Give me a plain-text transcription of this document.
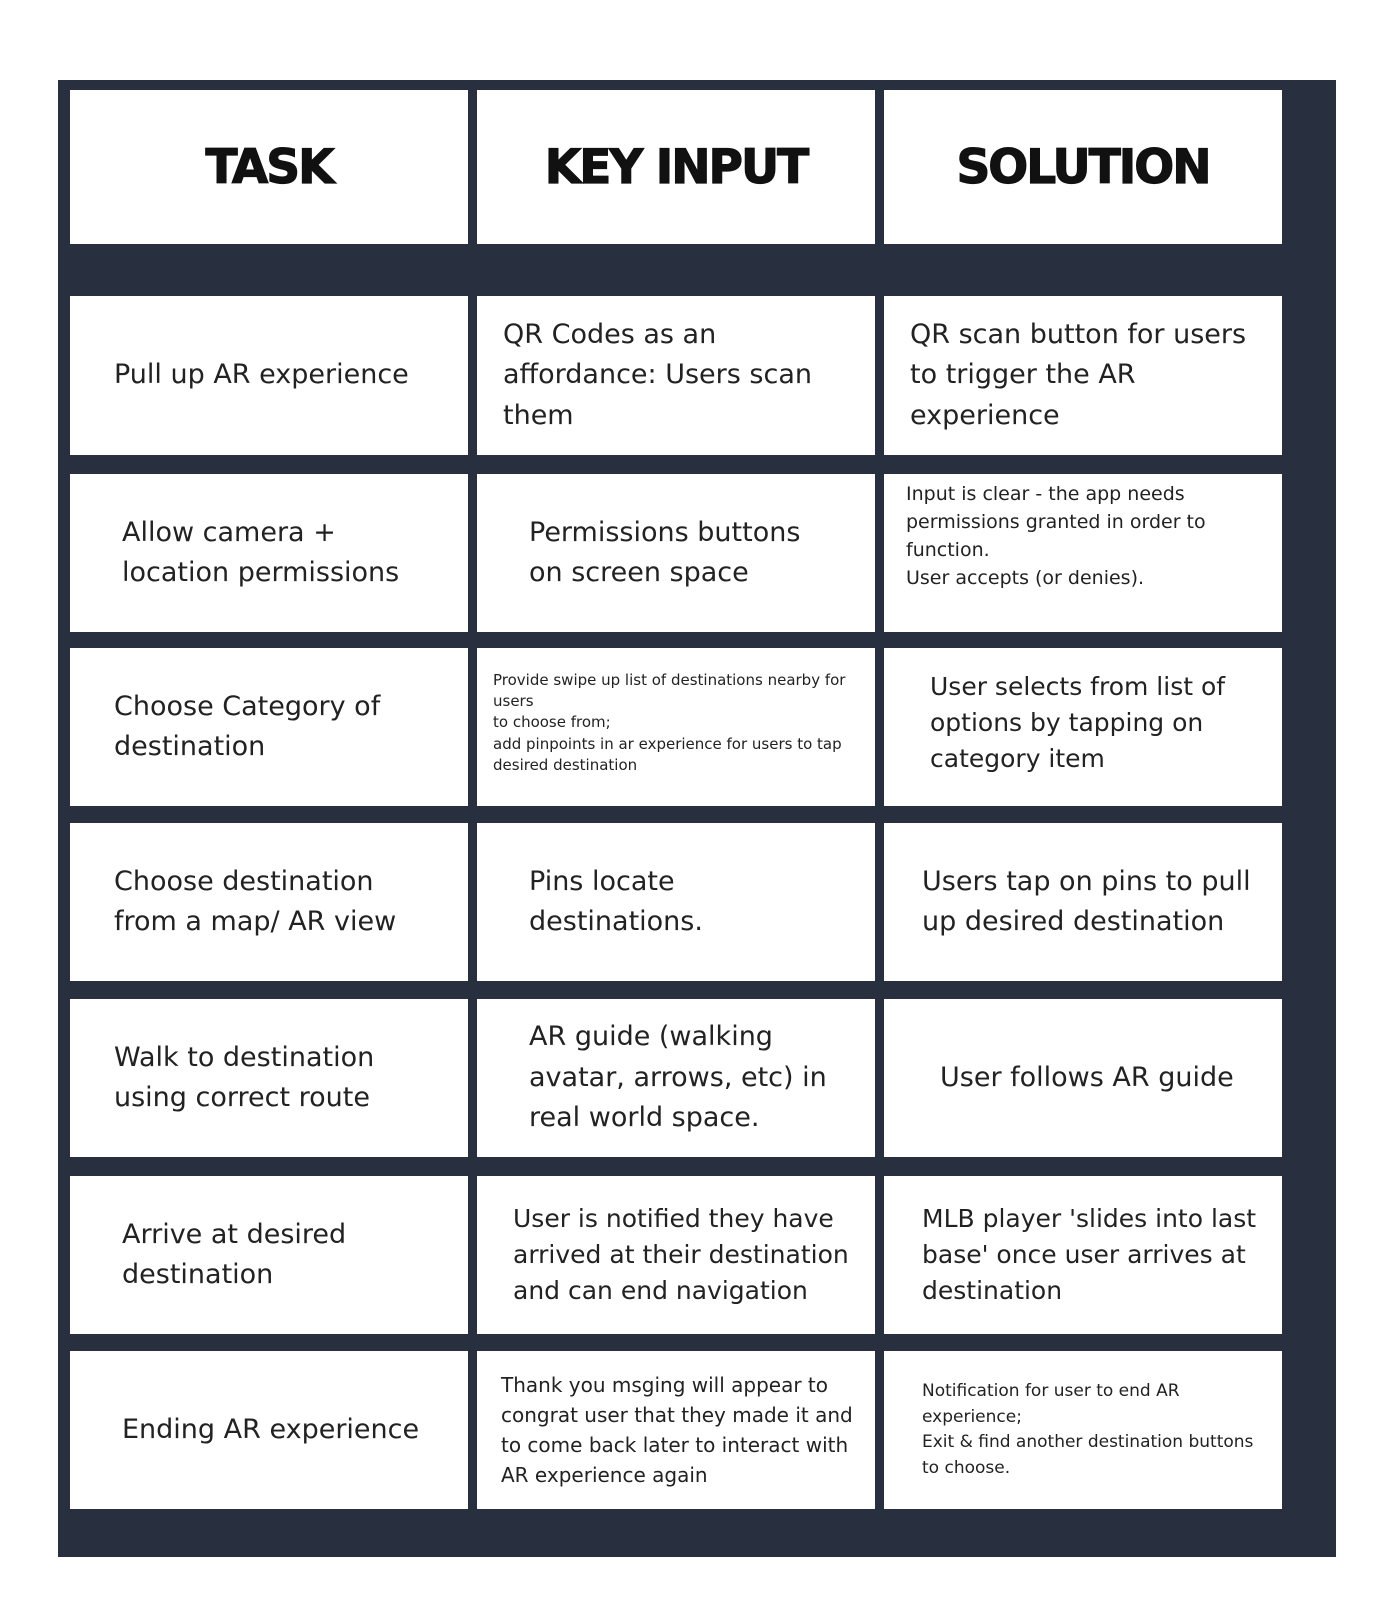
TASK	KEY INPUT	SOLUTION
Pull up AR experience
QR Codes as an
affordance: Users scan
them
QR scan button for users
to trigger the AR
experience
Allow camera +
location permissions
Permissions buttons
on screen space
Input is clear - the app needs
permissions granted in order to function.
User accepts (or denies).
Choose Category of
destination
Provide swipe up list of destinations nearby for users
to choose from;
add pinpoints in ar experience for users to tap
desired destination
User selects from list of
options by tapping on
category item
Choose destination
from a map/ AR view
Pins locate
destinations.
Users tap on pins to pull
up desired destination
Walk to destination
using correct route
AR guide (walking
avatar, arrows, etc) in
real world space.
User follows AR guide
Arrive at desired
destination
User is notified they have
arrived at their destination
and can end navigation
MLB player 'slides into last
base' once user arrives at
destination
Ending AR experience
Thank you msging will appear to
congrat user that they made it and
to come back later to interact with
AR experience again
Notification for user to end AR
experience;
Exit & find another destination buttons
to choose.
